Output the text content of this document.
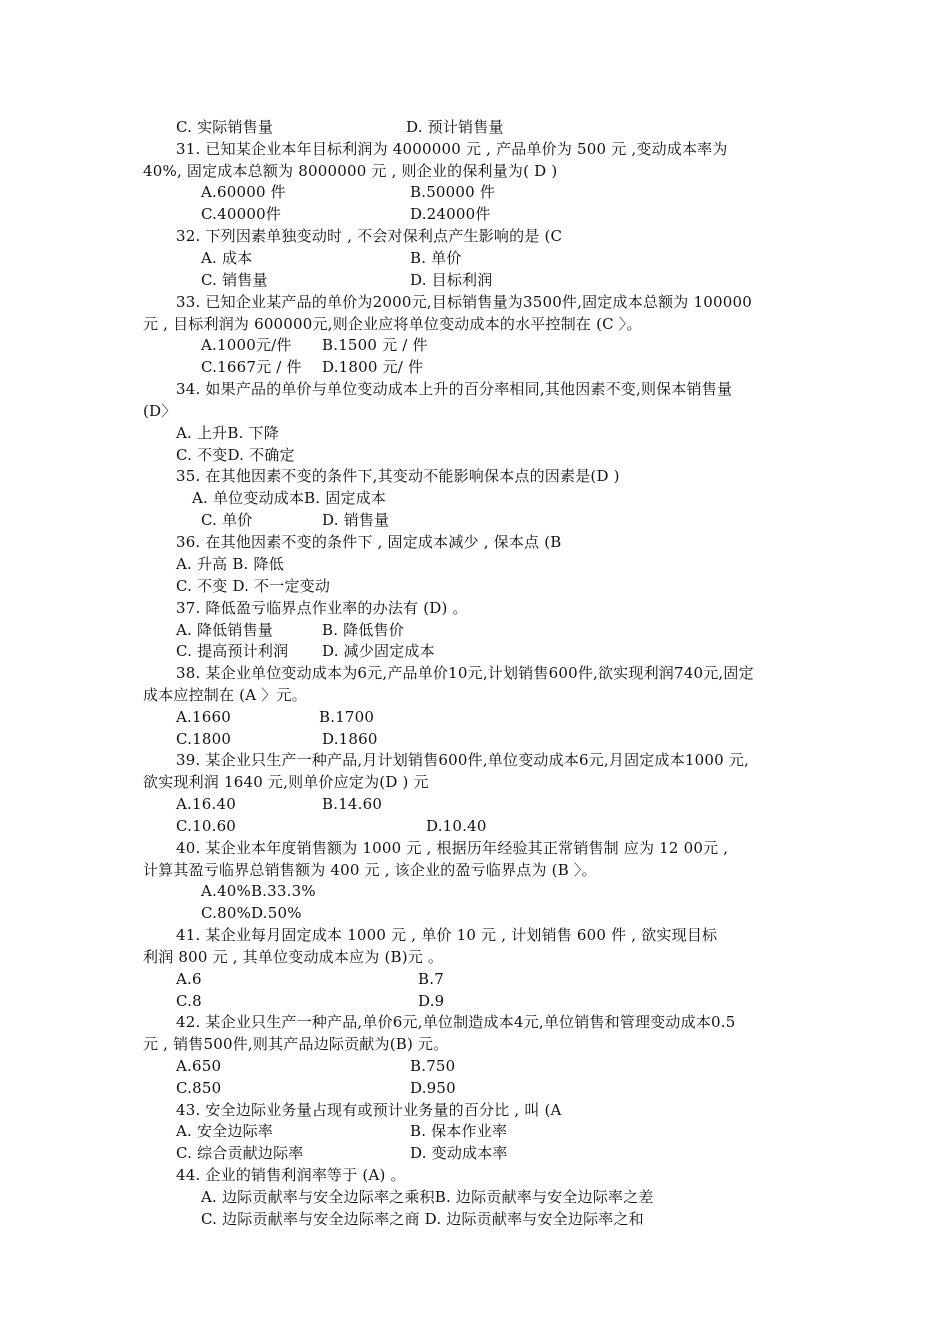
C. 实际销售量	D. 预计销售量
31. 已知某企业本年目标利润为 4000000 元 , 产品单价为 500 元 ,变动成本率为
40%, 固定成本总额为 8000000 元 , 则企业的保利量为( D )
A.60000 件	B.50000 件
C.40000件	D.24000件
32. 下列因素单独变动时 , 不会对保利点产生影响的是 (C
A. 成本	B. 单价
C. 销售量	D. 目标利润
33. 已知企业某产品的单价为2000元,目标销售量为3500件,固定成本总额为 100000
元 , 目标利润为 600000元,则企业应将单位变动成本的水平控制在 (C 〉。
A.1000元/件 B.1500 元 / 件
C.1667元 / 件 D.1800 元/ 件
34. 如果产品的单价与单位变动成本上升的百分率相同,其他因素不变,则保本销售量
(D〉
A. 上升B. 下降
C. 不变D. 不确定
35. 在其他因素不变的条件下,其变动不能影响保本点的因素是(D )
A. 单位变动成本B. 固定成本
C. 单价	D. 销售量
36. 在其他因素不变的条件下 , 固定成本减少 , 保本点 (B
A. 升高 B. 降低
C. 不变 D. 不一定变动
37. 降低盈亏临界点作业率的办法有 (D) 。
A. 降低销售量	B. 降低售价
C. 提高预计利润 D. 减少固定成本
38. 某企业单位变动成本为6元,产品单价10元,计划销售600件,欲实现利润740元,固定
成本应控制在 (A 〉元。
A.1660	B.1700
C.1800	D.1860
39. 某企业只生产一种产品,月计划销售600件,单位变动成本6元,月固定成本1000 元,
欲实现利润 1640 元,则单价应定为(D ) 元
A.16.40	B.14.60
C.10.60	D.10.40
40. 某企业本年度销售额为 1000 元 , 根据历年经验其正常销售制 应为 12 00元 ,
计算其盈亏临界总销售额为 400 元 , 该企业的盈亏临界点为 (B 〉。
A.40%B.33.3%
C.80%D.50%
41. 某企业每月固定成本 1000 元 , 单价 10 元 , 计划销售 600 件 , 欲实现目标
利润 800 元 , 其单位变动成本应为 (B)元 。
A.6	B.7
C.8	D.9
42. 某企业只生产一种产品,单价6元,单位制造成本4元,单位销售和管理变动成本0.5
元 , 销售500件,则其产品边际贡献为(B) 元。
A.650	B.750
C.850	D.950
43. 安全边际业务量占现有或预计业务量的百分比 , 叫 (A
A. 安全边际率	B. 保本作业率
C. 综合贡献边际率	D. 变动成本率
44. 企业的销售利润率等于 (A) 。
A. 边际贡献率与安全边际率之乘积B. 边际贡献率与安全边际率之差
C. 边际贡献率与安全边际率之商 D. 边际贡献率与安全边际率之和
